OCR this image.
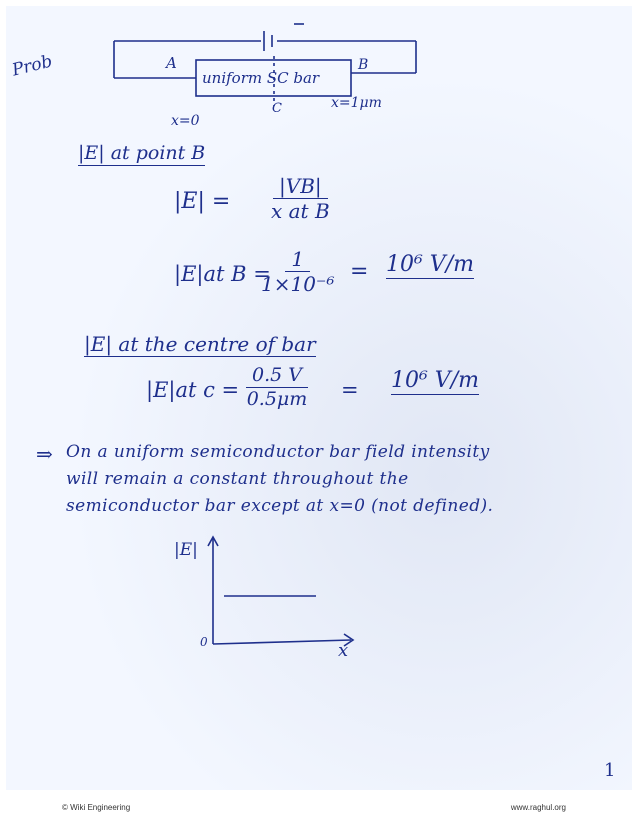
Prob	A	B
uniform SC bar
C
x=0
x=1μm
|E| at point B
$|E| = \frac{|VB|}{\text{x at B}}$
|E|at B =
$\frac{1}{\text{1×10⁻⁶}} = 10^6$ V/m
|E| at the centre of bar
|E|at $c = \frac{0.5 V}{0.5\mu m} = 10^6$ V/m
⇒ On a uniform semiconductor bar field intensity
will remain a constant throughout the
semiconductor bar except at x=0 (not defined).
|E|
x
0
1
© Wiki Engineering	www.raghul.org
